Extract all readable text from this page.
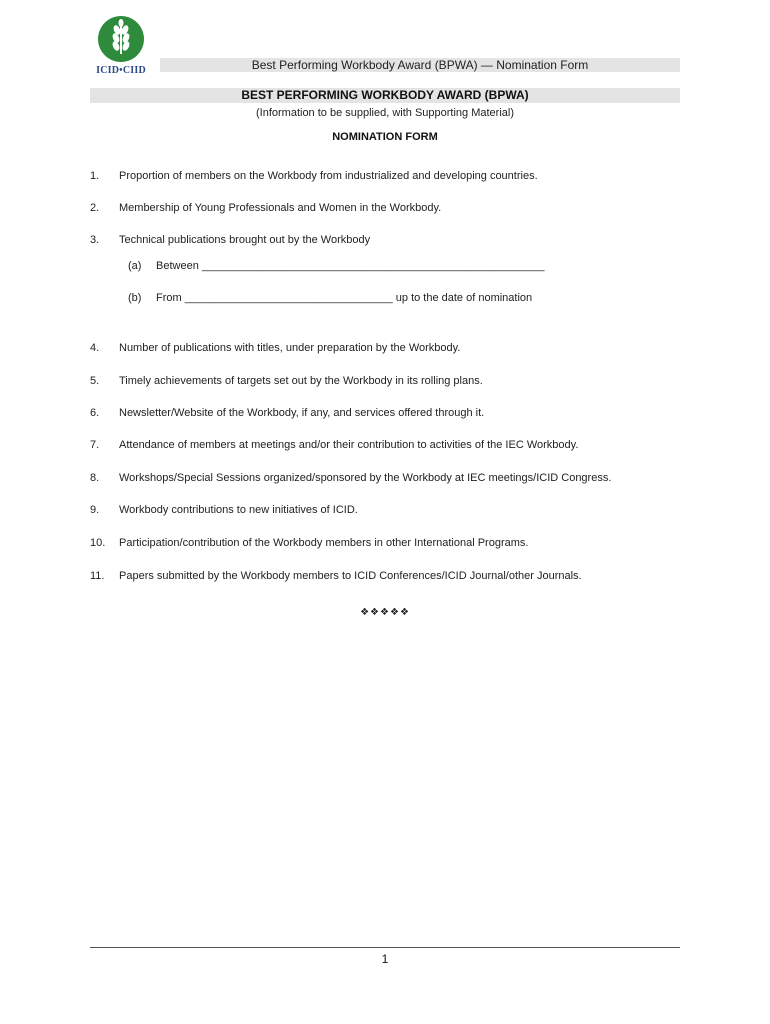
ICID•CIID	Best Performing Workbody Award (BPWA) — Nomination Form
BEST PERFORMING WORKBODY AWARD (BPWA)
(Information to be supplied, with Supporting Material)
NOMINATION FORM
1. Proportion of members on the Workbody from industrialized and developing countries.
2. Membership of Young Professionals and Women in the Workbody.
3. Technical publications brought out by the Workbody
(a) Between ________________________________________________________
(b) From __________________________________ up to the date of nomination
4. Number of publications with titles, under preparation by the Workbody.
5. Timely achievements of targets set out by the Workbody in its rolling plans.
6. Newsletter/Website of the Workbody, if any, and services offered through it.
7. Attendance of members at meetings and/or their contribution to activities of the IEC Workbody.
8. Workshops/Special Sessions organized/sponsored by the Workbody at IEC meetings/ICID Congress.
9. Workbody contributions to new initiatives of ICID.
10. Participation/contribution of the Workbody members in other International Programs.
11. Papers submitted by the Workbody members to ICID Conferences/ICID Journal/other Journals.
❖❖❖❖❖
1
